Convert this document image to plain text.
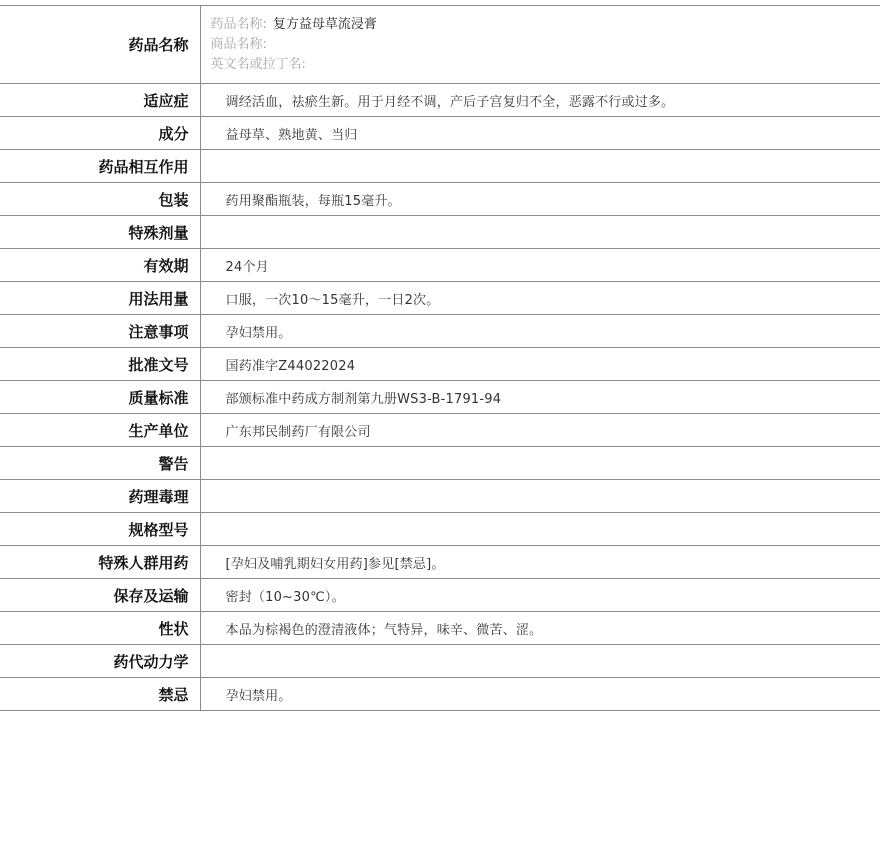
药品名称	药品名称: 复方益母草流浸膏
商品名称:
英文名或拉丁名:

适应症	调经活血，祛瘀生新。用于月经不调，产后子宫复归不全，恶露不行或过多。
成分	益母草、熟地黄、当归
药品相互作用	
包装	药用聚酯瓶装，每瓶15毫升。
特殊剂量	
有效期	24个月
用法用量	口服，一次10～15毫升，一日2次。
注意事项	孕妇禁用。
批准文号	国药准字Z44022024
质量标准	部颁标准中药成方制剂第九册WS3-B-1791-94
生产单位	广东邦民制药厂有限公司
警告	
药理毒理	
规格型号	
特殊人群用药	[孕妇及哺乳期妇女用药]参见[禁忌]。
保存及运输	密封（10~30℃）。
性状	本品为棕褐色的澄清液体；气特异，味辛、微苦、涩。
药代动力学	
禁忌	孕妇禁用。
